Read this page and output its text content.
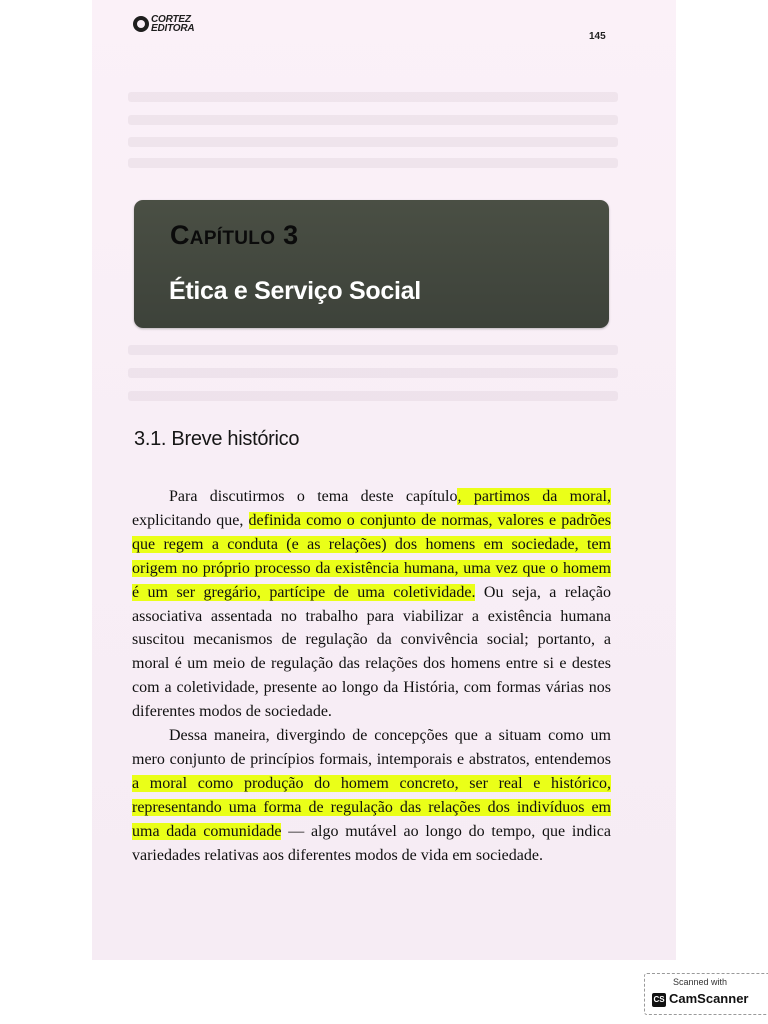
CORTEZ
EDITORA
145
Capítulo 3
Ética e Serviço Social
3.1. Breve histórico

Para discutirmos o tema deste capítulo, partimos da moral, explicitando que, definida como o conjunto de normas, valores e padrões que regem a conduta (e as relações) dos homens em sociedade, tem origem no próprio processo da existência humana, uma vez que o homem é um ser gregário, partícipe de uma coletividade. Ou seja, a relação associativa assentada no trabalho para viabilizar a existência humana suscitou mecanismos de regulação da convivência social; portanto, a moral é um meio de regulação das relações dos homens entre si e destes com a coletividade, presente ao longo da História, com formas várias nos diferentes modos de sociedade.

Dessa maneira, divergindo de concepções que a situam como um mero conjunto de princípios formais, intemporais e abstratos, entendemos a moral como produção do homem concreto, ser real e histórico, representando uma forma de regulação das relações dos indivíduos em uma dada comunidade — algo mutável ao longo do tempo, que indica variedades relativas aos diferentes modos de vida em sociedade.

Scanned with
CS CamScanner
